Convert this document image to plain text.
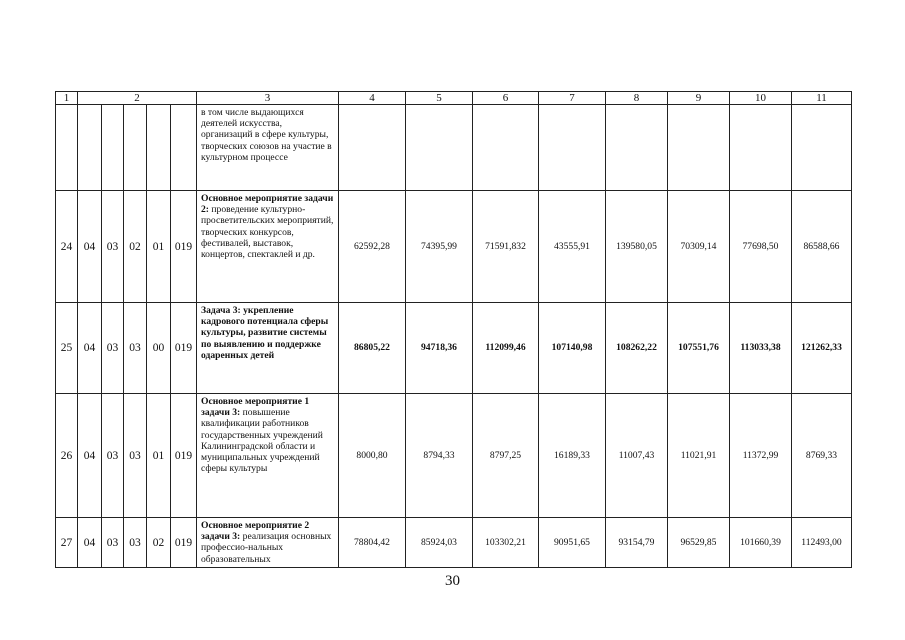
1	2					3	4	5	6	7	8	9	10	11
						в том числе выдающихся деятелей искусства, организаций в сфере культуры, творческих союзов на участие в культурном процессе								
24	04	03	02	01	019	Основное мероприятие задачи 2: проведение культурно-просветительских мероприятий, творческих конкурсов, фестивалей, выставок, концертов, спектаклей и др.	62592,28	74395,99	71591,832	43555,91	139580,05	70309,14	77698,50	86588,66
25	04	03	03	00	019	Задача 3: укрепление кадрового потенциала сферы культуры, развитие системы по выявлению и поддержке одаренных детей	86805,22	94718,36	112099,46	107140,98	108262,22	107551,76	113033,38	121262,33
26	04	03	03	01	019	Основное мероприятие 1 задачи 3: повышение квалификации работников государственных учреждений Калининградской области и муниципальных учреждений сферы культуры	8000,80	8794,33	8797,25	16189,33	11007,43	11021,91	11372,99	8769,33
27	04	03	03	02	019	Основное мероприятие 2 задачи 3: реализация основных профессио-нальных образовательных	78804,42	85924,03	103302,21	90951,65	93154,79	96529,85	101660,39	112493,00
30
